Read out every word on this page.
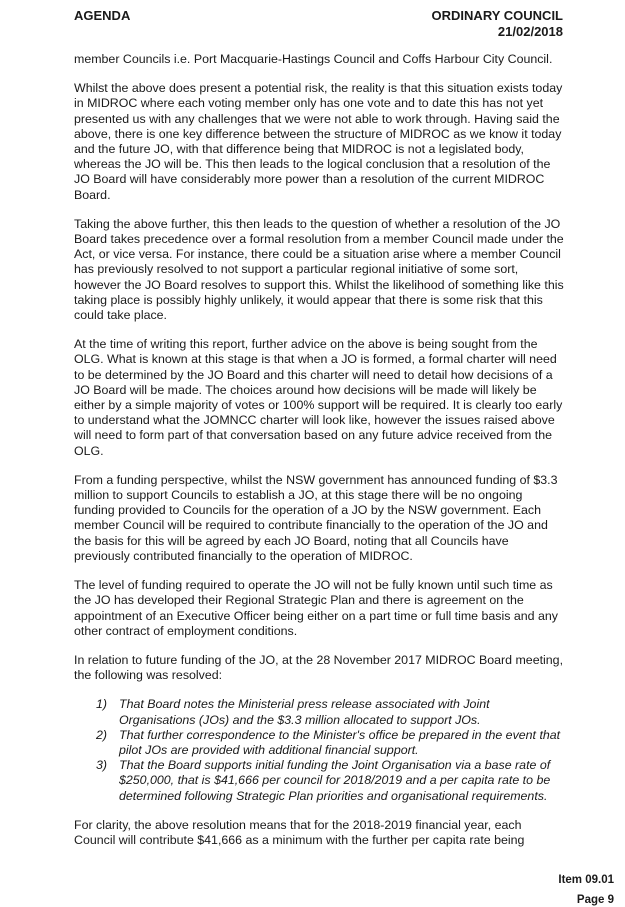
AGENDA	ORDINARY COUNCIL
21/02/2018

member Councils i.e. Port Macquarie-Hastings Council and Coffs Harbour City Council.

Whilst the above does present a potential risk, the reality is that this situation exists today in MIDROC where each voting member only has one vote and to date this has not yet presented us with any challenges that we were not able to work through. Having said the above, there is one key difference between the structure of MIDROC as we know it today and the future JO, with that difference being that MIDROC is not a legislated body, whereas the JO will be. This then leads to the logical conclusion that a resolution of the JO Board will have considerably more power than a resolution of the current MIDROC Board.

Taking the above further, this then leads to the question of whether a resolution of the JO Board takes precedence over a formal resolution from a member Council made under the Act, or vice versa. For instance, there could be a situation arise where a member Council has previously resolved to not support a particular regional initiative of some sort, however the JO Board resolves to support this. Whilst the likelihood of something like this taking place is possibly highly unlikely, it would appear that there is some risk that this could take place.

At the time of writing this report, further advice on the above is being sought from the OLG. What is known at this stage is that when a JO is formed, a formal charter will need to be determined by the JO Board and this charter will need to detail how decisions of a JO Board will be made. The choices around how decisions will be made will likely be either by a simple majority of votes or 100% support will be required. It is clearly too early to understand what the JOMNCC charter will look like, however the issues raised above will need to form part of that conversation based on any future advice received from the OLG.

From a funding perspective, whilst the NSW government has announced funding of $3.3 million to support Councils to establish a JO, at this stage there will be no ongoing funding provided to Councils for the operation of a JO by the NSW government. Each member Council will be required to contribute financially to the operation of the JO and the basis for this will be agreed by each JO Board, noting that all Councils have previously contributed financially to the operation of MIDROC.

The level of funding required to operate the JO will not be fully known until such time as the JO has developed their Regional Strategic Plan and there is agreement on the appointment of an Executive Officer being either on a part time or full time basis and any other contract of employment conditions.

In relation to future funding of the JO, at the 28 November 2017 MIDROC Board meeting, the following was resolved:

1) That Board notes the Ministerial press release associated with Joint Organisations (JOs) and the $3.3 million allocated to support JOs.
2) That further correspondence to the Minister's office be prepared in the event that pilot JOs are provided with additional financial support.
3) That the Board supports initial funding the Joint Organisation via a base rate of $250,000, that is $41,666 per council for 2018/2019 and a per capita rate to be determined following Strategic Plan priorities and organisational requirements.

For clarity, the above resolution means that for the 2018-2019 financial year, each Council will contribute $41,666 as a minimum with the further per capita rate being

Item 09.01
Page 9
